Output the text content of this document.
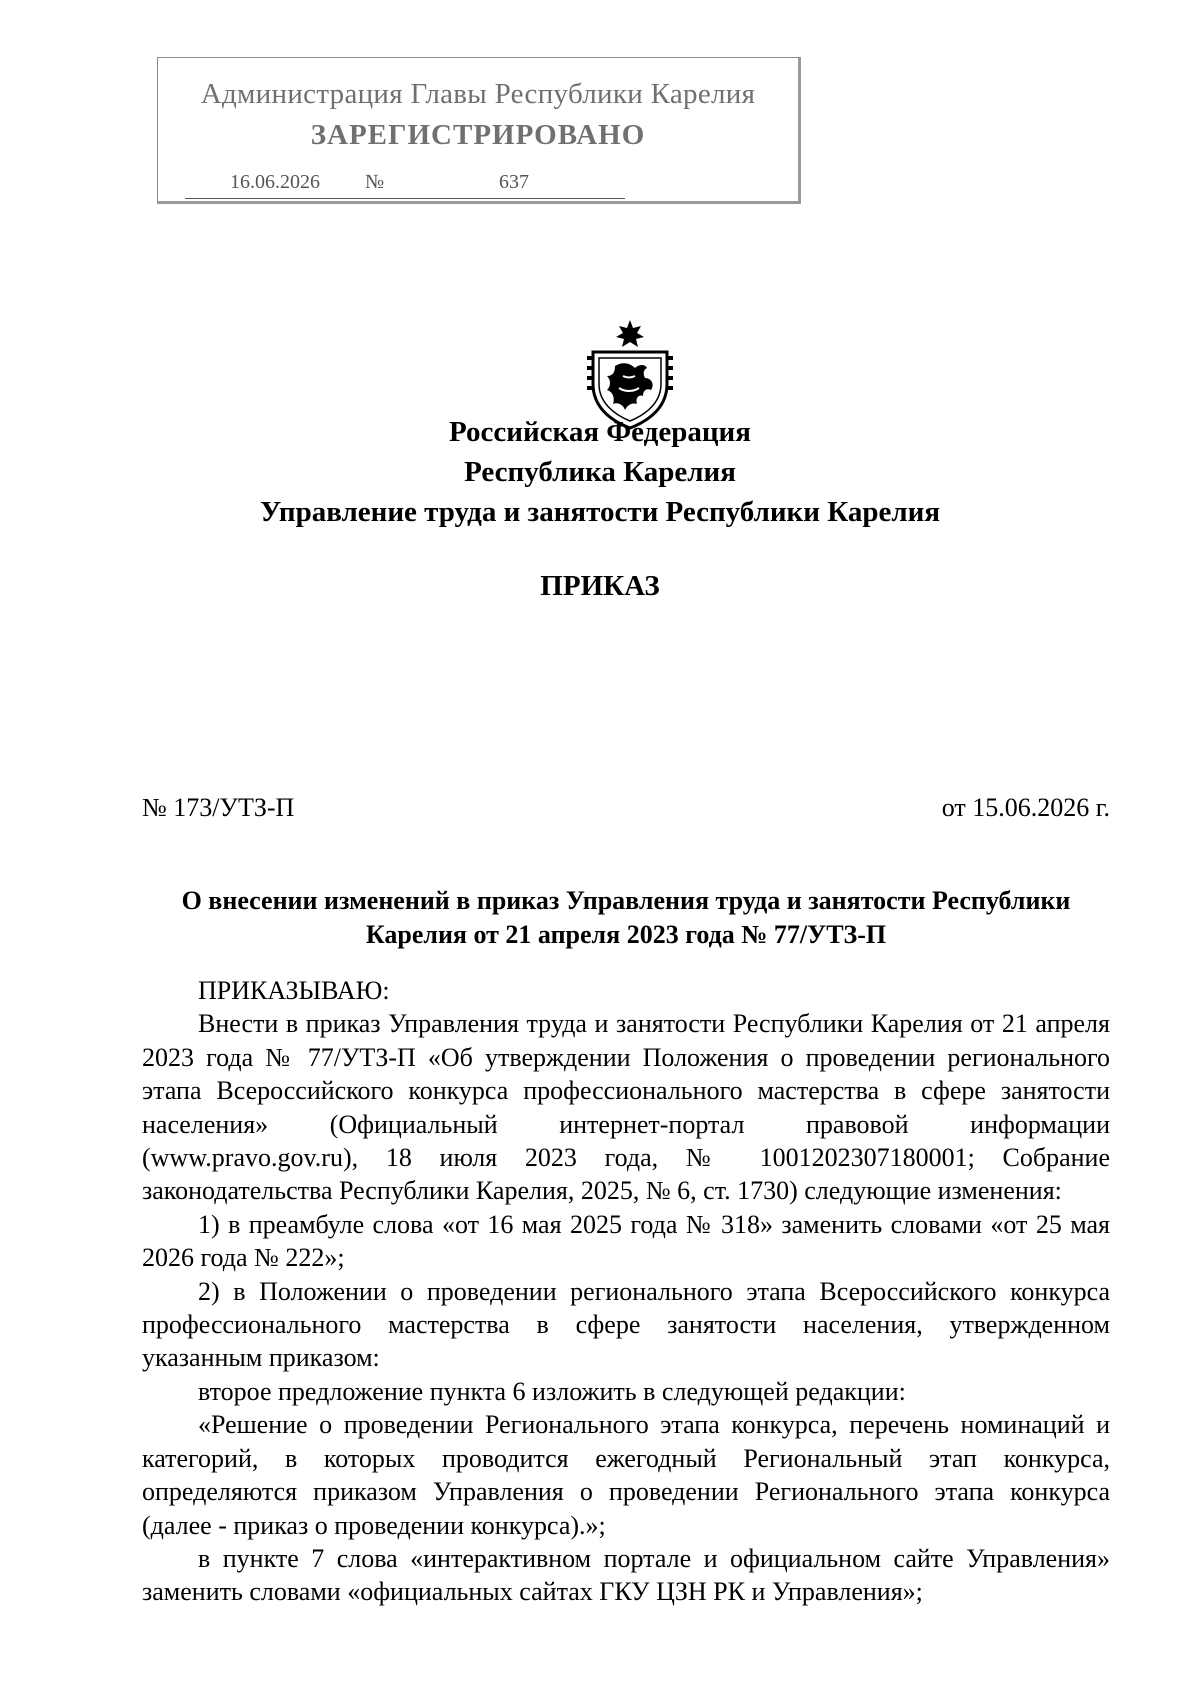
Администрация Главы Республики Карелия
ЗАРЕГИСТРИРОВАНО
16.06.2026	№	637
Российская Федерация
Республика Карелия
Управление труда и занятости Республики Карелия
ПРИКАЗ
№ 173/УТЗ-П	от 15.06.2026 г.
О внесении изменений в приказ Управления труда и занятости Республики Карелия от 21 апреля 2023 года № 77/УТЗ-П

ПРИКАЗЫВАЮ:

Внести в приказ Управления труда и занятости Республики Карелия от 21 апреля 2023 года № 77/УТЗ-П «Об утверждении Положения о проведении регионального этапа Всероссийского конкурса профессионального мастерства в сфере занятости населения» (Официальный интернет-портал правовой информации (www.pravo.gov.ru), 18 июля 2023 года, № 1001202307180001; Собрание законодательства Республики Карелия, 2025, № 6, ст. 1730) следующие изменения:

1) в преамбуле слова «от 16 мая 2025 года № 318» заменить словами «от 25 мая 2026 года № 222»;

2) в Положении о проведении регионального этапа Всероссийского конкурса профессионального мастерства в сфере занятости населения, утвержденном указанным приказом:

второе предложение пункта 6 изложить в следующей редакции:

«Решение о проведении Регионального этапа конкурса, перечень номинаций и категорий, в которых проводится ежегодный Региональный этап конкурса, определяются приказом Управления о проведении Регионального этапа конкурса (далее - приказ о проведении конкурса).»;

в пункте 7 слова «интерактивном портале и официальном сайте Управления» заменить словами «официальных сайтах ГКУ ЦЗН РК и Управления»;
